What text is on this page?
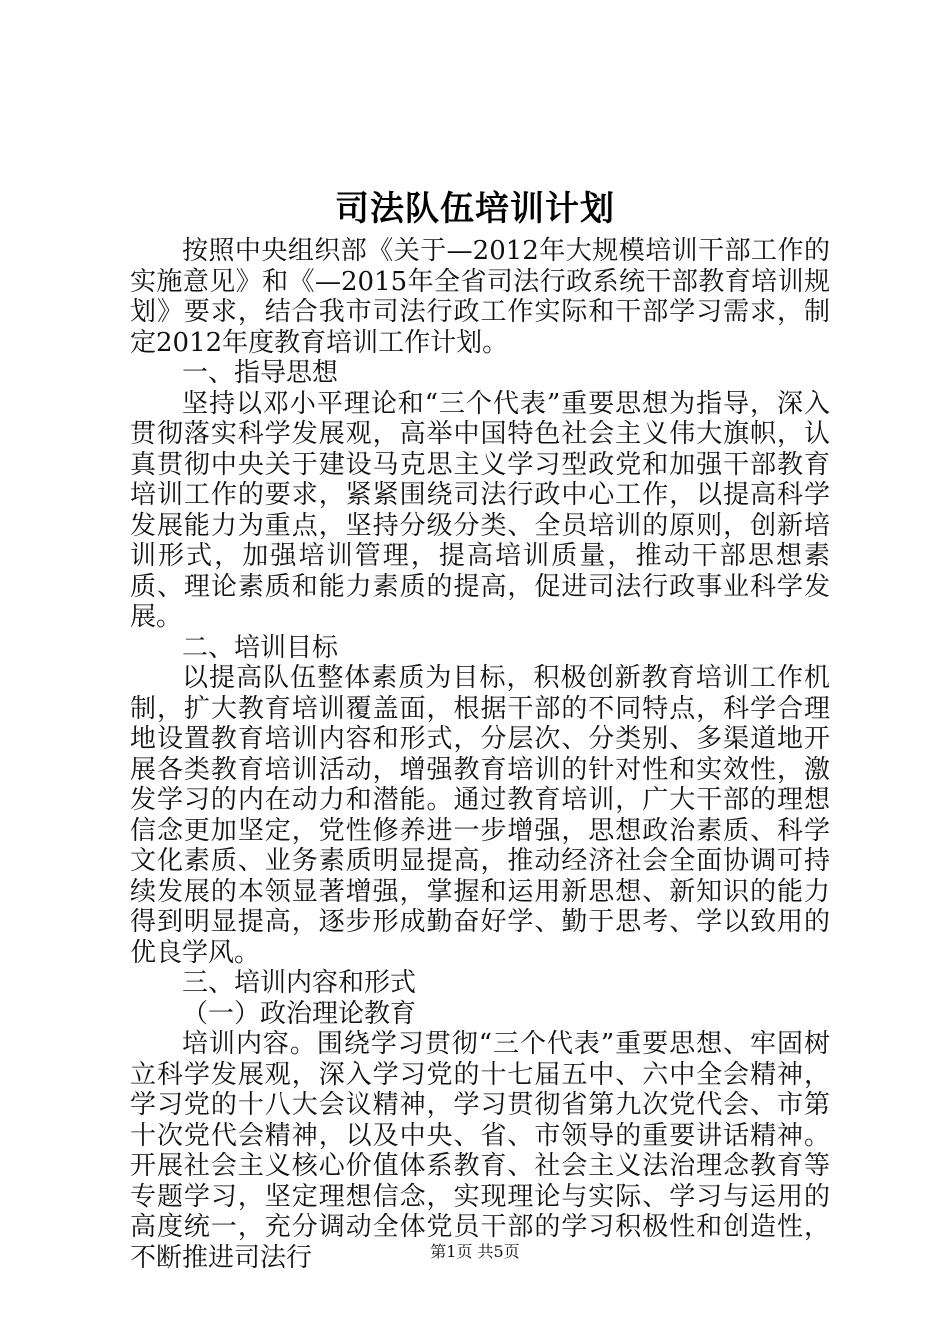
司法队伍培训计划

按照中央组织部《关于—2012年大规模培训干部工作的实施意见》和《—2015年全省司法行政系统干部教育培训规划》要求，结合我市司法行政工作实际和干部学习需求，制定2012年度教育培训工作计划。

一、指导思想

坚持以邓小平理论和“三个代表”重要思想为指导，深入贯彻落实科学发展观，高举中国特色社会主义伟大旗帜，认真贯彻中央关于建设马克思主义学习型政党和加强干部教育培训工作的要求，紧紧围绕司法行政中心工作，以提高科学发展能力为重点，坚持分级分类、全员培训的原则，创新培训形式，加强培训管理，提高培训质量，推动干部思想素质、理论素质和能力素质的提高，促进司法行政事业科学发展。

二、培训目标

以提高队伍整体素质为目标，积极创新教育培训工作机制，扩大教育培训覆盖面，根据干部的不同特点，科学合理地设置教育培训内容和形式，分层次、分类别、多渠道地开展各类教育培训活动，增强教育培训的针对性和实效性，激发学习的内在动力和潜能。通过教育培训，广大干部的理想信念更加坚定，党性修养进一步增强，思想政治素质、科学文化素质、业务素质明显提高，推动经济社会全面协调可持续发展的本领显著增强，掌握和运用新思想、新知识的能力得到明显提高，逐步形成勤奋好学、勤于思考、学以致用的优良学风。

三、培训内容和形式

（一）政治理论教育

培训内容。围绕学习贯彻“三个代表”重要思想、牢固树立科学发展观，深入学习党的十七届五中、六中全会精神，学习党的十八大会议精神，学习贯彻省第九次党代会、市第十次党代会精神，以及中央、省、市领导的重要讲话精神。开展社会主义核心价值体系教育、社会主义法治理念教育等专题学习，坚定理想信念，实现理论与实际、学习与运用的高度统一，充分调动全体党员干部的学习积极性和创造性，不断推进司法行	第1页 共5页
